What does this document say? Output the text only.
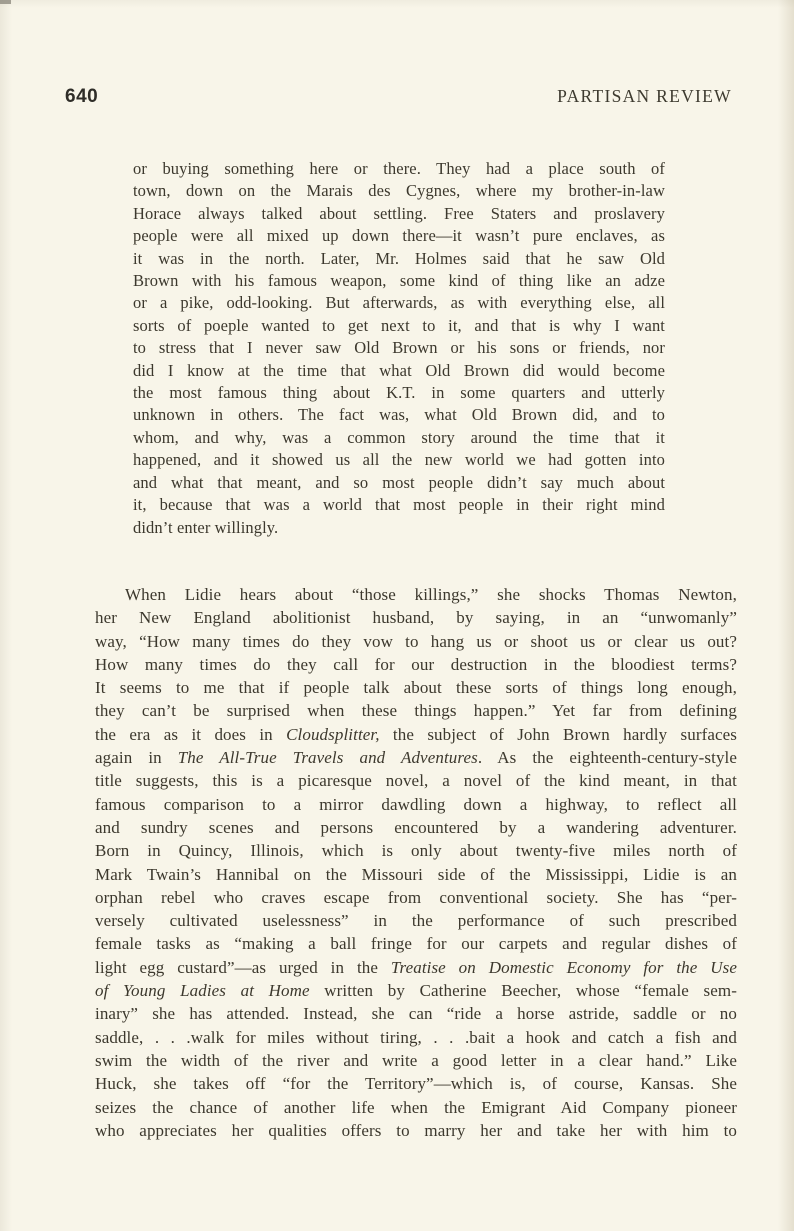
640	PARTISAN REVIEW
or buying something here or there. They had a place south of
town, down on the Marais des Cygnes, where my brother-in-law
Horace always talked about settling. Free Staters and proslavery
people were all mixed up down there—it wasn’t pure enclaves, as
it was in the north. Later, Mr. Holmes said that he saw Old
Brown with his famous weapon, some kind of thing like an adze
or a pike, odd-looking. But afterwards, as with everything else, all
sorts of poeple wanted to get next to it, and that is why I want
to stress that I never saw Old Brown or his sons or friends, nor
did I know at the time that what Old Brown did would become
the most famous thing about K.T. in some quarters and utterly
unknown in others. The fact was, what Old Brown did, and to
whom, and why, was a common story around the time that it
happened, and it showed us all the new world we had gotten into
and what that meant, and so most people didn’t say much about
it, because that was a world that most people in their right mind
didn’t enter willingly.
When Lidie hears about “those killings,” she shocks Thomas Newton,
her New England abolitionist husband, by saying, in an “unwomanly”
way, “How many times do they vow to hang us or shoot us or clear us out?
How many times do they call for our destruction in the bloodiest terms?
It seems to me that if people talk about these sorts of things long enough,
they can’t be surprised when these things happen.” Yet far from defining
the era as it does in Cloudsplitter, the subject of John Brown hardly surfaces
again in The All-True Travels and Adventures. As the eighteenth-century-style
title suggests, this is a picaresque novel, a novel of the kind meant, in that
famous comparison to a mirror dawdling down a highway, to reflect all
and sundry scenes and persons encountered by a wandering adventurer.
Born in Quincy, Illinois, which is only about twenty-five miles north of
Mark Twain’s Hannibal on the Missouri side of the Mississippi, Lidie is an
orphan rebel who craves escape from conventional society. She has “per-
versely cultivated uselessness” in the performance of such prescribed
female tasks as “making a ball fringe for our carpets and regular dishes of
light egg custard”—as urged in the Treatise on Domestic Economy for the Use
of Young Ladies at Home written by Catherine Beecher, whose “female sem-
inary” she has attended. Instead, she can “ride a horse astride, saddle or no
saddle, . . .walk for miles without tiring, . . .bait a hook and catch a fish and
swim the width of the river and write a good letter in a clear hand.” Like
Huck, she takes off “for the Territory”—which is, of course, Kansas. She
seizes the chance of another life when the Emigrant Aid Company pioneer
who appreciates her qualities offers to marry her and take her with him to
